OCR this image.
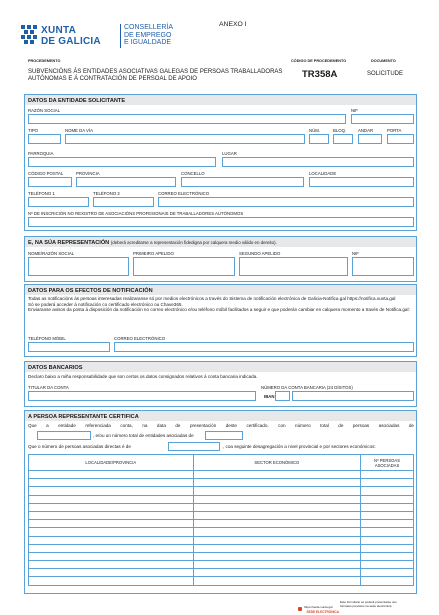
XUNTA
DE GALICIA
CONSELLERÍA
DE EMPREGO
E IGUALDADE
ANEXO I
PROCEDEMENTO
SUBVENCIÓNS ÁS ENTIDADES ASOCIATIVAS GALEGAS DE PERSOAS TRABALLADORAS
AUTÓNOMAS E Á CONTRATACIÓN DE PERSOAL DE APOIO
CÓDIGO DE PROCEDEMENTO
TR358A
DOCUMENTO
SOLICITUDE
DATOS DA ENTIDADE SOLICITANTE
RAZÓN SOCIAL	NIF
TIPO	NOME DA VÍA	NÚM.	BLOQ.	ANDAR	PORTA
PARROQUIA	LUGAR
CÓDIGO POSTAL	PROVINCIA	CONCELLO	LOCALIDADE
TELÉFONO 1	TELÉFONO 2	CORREO ELECTRÓNICO
Nº DE INSCRICIÓN NO REXISTRO DE ASOCIACIÓNS PROFESIONAIS DE TRABALLADORES AUTÓNOMOS
E, NA SÚA REPRESENTACIÓN (deberá acreditarse a representación fidedigna por calquera medio válido en dereito).
NOME/RAZÓN SOCIAL	PRIMEIRO APELIDO	SEGUNDO APELIDO	NIF
DATOS PARA OS EFECTOS DE NOTIFICACIÓN
Todas as notificacións ás persoas interesadas realizaranse só por medios electrónicos a través do Sistema de notificación electrónica de Galicia-Notifica.gal https://notifica.xunta.gal
Só se poderá acceder á notificación co certificado electrónico ou Chave365.
Enviaranse avisos da posta á disposición da notificación no correo electrónico e/ou teléfono móbil facilitados a seguir e que poderán cambiar en calquera momento a través de Notifica.gal:
TELÉFONO MÓBIL	CORREO ELECTRÓNICO
DATOS BANCARIOS
Declaro baixo a miña responsabilidade que son certos os datos consignados relativos á conta bancaria indicada.
TITULAR DA CONTA	NÚMERO DA CONTA BANCARIA (24 DÍXITOS)
IBAN
A PERSOA REPRESENTANTE CERTIFICA
Que a entidade referenciada conta, na data de presentación deste certificado, con número total de persoas asociadas de
, e/ou un número total de entidades asociadas de
Que o número de persoas asociadas directas é de	, coa seguinte desagregación a nivel provincial e por sectores económicos:
LOCALIDADE/PROVINCIA	SECTOR ECONÓMICO	Nº PERSOAS ASOCIADAS

SEDE ELECTRÓNICA
https://sede.xunta.gal
Este formulario só poderá presentarse nos
formatos previstos na sede electrónica
